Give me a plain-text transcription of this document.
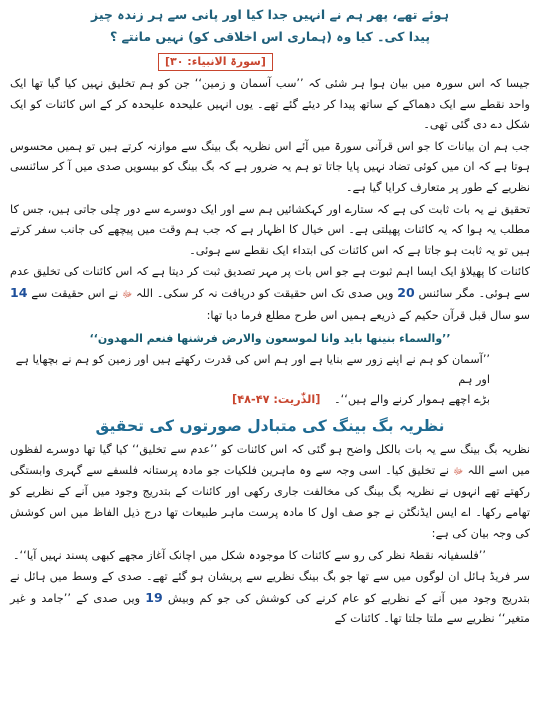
ہوئے تھے، پھر ہم نے انہیں جدا کیا اور پانی سے ہر زندہ چیز

پیدا کی۔ کیا وہ (ہماری اس اخلاقی کو) نہیں مانتے ؟

[سورۃ الانبیاء: ۳۰]

جیسا کہ اس سورہ میں بیان ہوا ہر شئی کہ ’’سب آسمان و زمین‘‘ جن کو ہم تخلیق نہیں کیا گیا تھا ایک واحد نقطے سے ایک دھماکے کے ساتھ پیدا کر دیئے گئے تھے۔ یوں انہیں علیحدہ علیحدہ کر کے اس کائنات کو ایک شکل دے دی گئی تھی۔

جب ہم ان بیانات کا جو اس قرآنی سورۃ میں آئے اس نظریہ بگ بینگ سے موازنہ کرتے ہیں تو ہمیں محسوس ہوتا ہے کہ ان میں کوئی تضاد نہیں پایا جاتا تو ہم یہ ضرور ہے کہ بگ بینگ کو بیسویں صدی میں آ کر سائنسی نظریے کے طور پر متعارف کرایا گیا ہے۔

تحقیق نے یہ بات ثابت کی ہے کہ ستارے اور کہکشائیں ہم سے اور ایک دوسرے سے دور چلی جاتی ہیں، جس کا مطلب یہ ہوا کہ یہ کائنات پھیلتی ہے۔ اس خیال کا اظہار ہے کہ جب ہم وقت میں پیچھے کی جانب سفر کرتے ہیں تو یہ ثابت ہو جاتا ہے کہ اس کائنات کی ابتداء ایک نقطے سے ہوئی۔

کائنات کا پھیلاؤ ایک ایسا اہم ثبوت ہے جو اس بات پر مہر تصدیق ثبت کر دیتا ہے کہ اس کائنات کی تخلیق عدم سے ہوئی۔ مگر سائنس 20 ویں صدی تک اس حقیقت کو دریافت نہ کر سکی۔ اللہ ﷻ نے اس حقیقت سے 14 سو سال قبل قرآن حکیم کے ذریعے ہمیں اس طرح مطلع فرما دیا تھا:

’’والسماء بنينها بايد وانا لموسعون والارض فرشنها فنعم المهدون‘‘

’’آسمان کو ہم نے اپنے زور سے بنایا ہے اور ہم اس کی قدرت رکھتے ہیں اور زمین کو ہم نے بچھایا ہے اور ہم
بڑے اچھے ہموار کرنے والے ہیں‘‘۔ [الذّٰریت: ۴۷-۴۸]
نظریہ بگ بینگ کی متبادل صورتوں کی تحقیق

نظریہ بگ بینگ سے یہ بات بالکل واضح ہو گئی کہ اس کائنات کو ’’عدم سے تخلیق‘‘ کیا گیا تھا دوسرے لفظوں میں اسے اللہ ﷻ نے تخلیق کیا۔ اسی وجہ سے وہ ماہرین فلکیات جو مادہ پرستانہ فلسفے سے گہری وابستگی رکھتے تھے انہوں نے نظریہ بگ بینگ کی مخالفت جاری رکھی اور کائنات کے بتدریج وجود میں آنے کے نظریے کو تھامے رکھا۔ اے ایس ایڈنگٹن نے جو صف اول کا مادہ پرست ماہر طبیعات تھا درج ذیل الفاظ میں اس کوشش کی وجہ بیان کی ہے:

’’فلسفیانہ نقطۂ نظر کی رو سے کائنات کا موجودہ شکل میں اچانک آغاز مجھے کبھی پسند نہیں آیا‘‘۔

سر فریڈ ہائل ان لوگوں میں سے تھا جو بگ بینگ نظریے سے پریشان ہو گئے تھے۔ صدی کے وسط میں ہائل نے بتدریج وجود میں آنے کے نظریے کو عام کرنے کی کوشش کی جو کم وبیش 19 ویں صدی کے ’’جامد و غیر متغیر‘‘ نظریے سے ملتا جلتا تھا۔ کائنات کے
